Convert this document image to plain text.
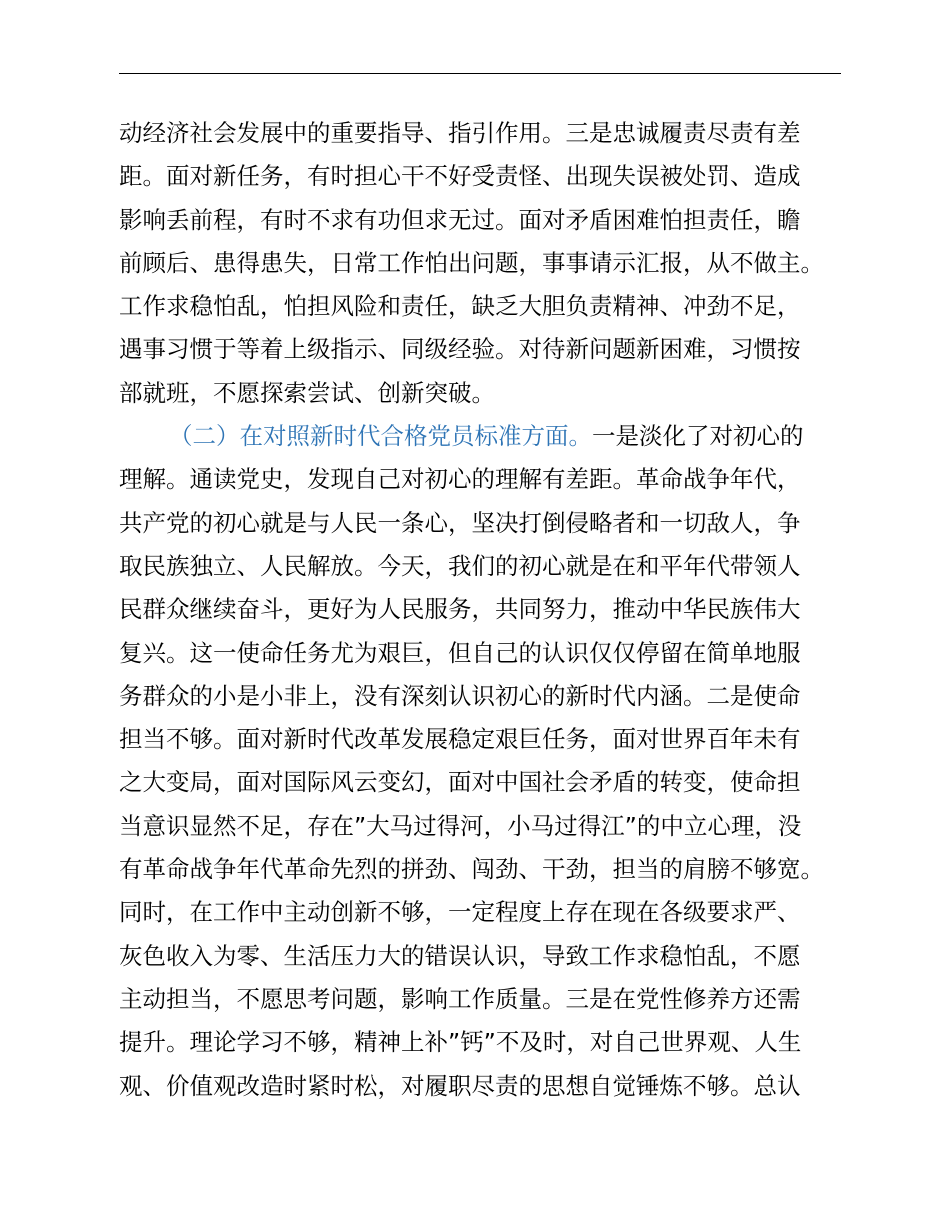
动经济社会发展中的重要指导、指引作用。三是忠诚履责尽责有差
距。面对新任务，有时担心干不好受责怪、出现失误被处罚、造成
影响丢前程，有时不求有功但求无过。面对矛盾困难怕担责任，瞻
前顾后、患得患失，日常工作怕出问题，事事请示汇报，从不做主。
工作求稳怕乱，怕担风险和责任，缺乏大胆负责精神、冲劲不足，
遇事习惯于等着上级指示、同级经验。对待新问题新困难，习惯按
部就班，不愿探索尝试、创新突破。
（二）在对照新时代合格党员标准方面。一是淡化了对初心的
理解。通读党史，发现自己对初心的理解有差距。革命战争年代，
共产党的初心就是与人民一条心，坚决打倒侵略者和一切敌人，争
取民族独立、人民解放。今天，我们的初心就是在和平年代带领人
民群众继续奋斗，更好为人民服务，共同努力，推动中华民族伟大
复兴。这一使命任务尤为艰巨，但自己的认识仅仅停留在简单地服
务群众的小是小非上，没有深刻认识初心的新时代内涵。二是使命
担当不够。面对新时代改革发展稳定艰巨任务，面对世界百年未有
之大变局，面对国际风云变幻，面对中国社会矛盾的转变，使命担
当意识显然不足，存在”大马过得河，小马过得江”的中立心理，没
有革命战争年代革命先烈的拼劲、闯劲、干劲，担当的肩膀不够宽。
同时，在工作中主动创新不够，一定程度上存在现在各级要求严、
灰色收入为零、生活压力大的错误认识，导致工作求稳怕乱，不愿
主动担当，不愿思考问题，影响工作质量。三是在党性修养方还需
提升。理论学习不够，精神上补”钙”不及时，对自己世界观、人生
观、价值观改造时紧时松，对履职尽责的思想自觉锤炼不够。总认
